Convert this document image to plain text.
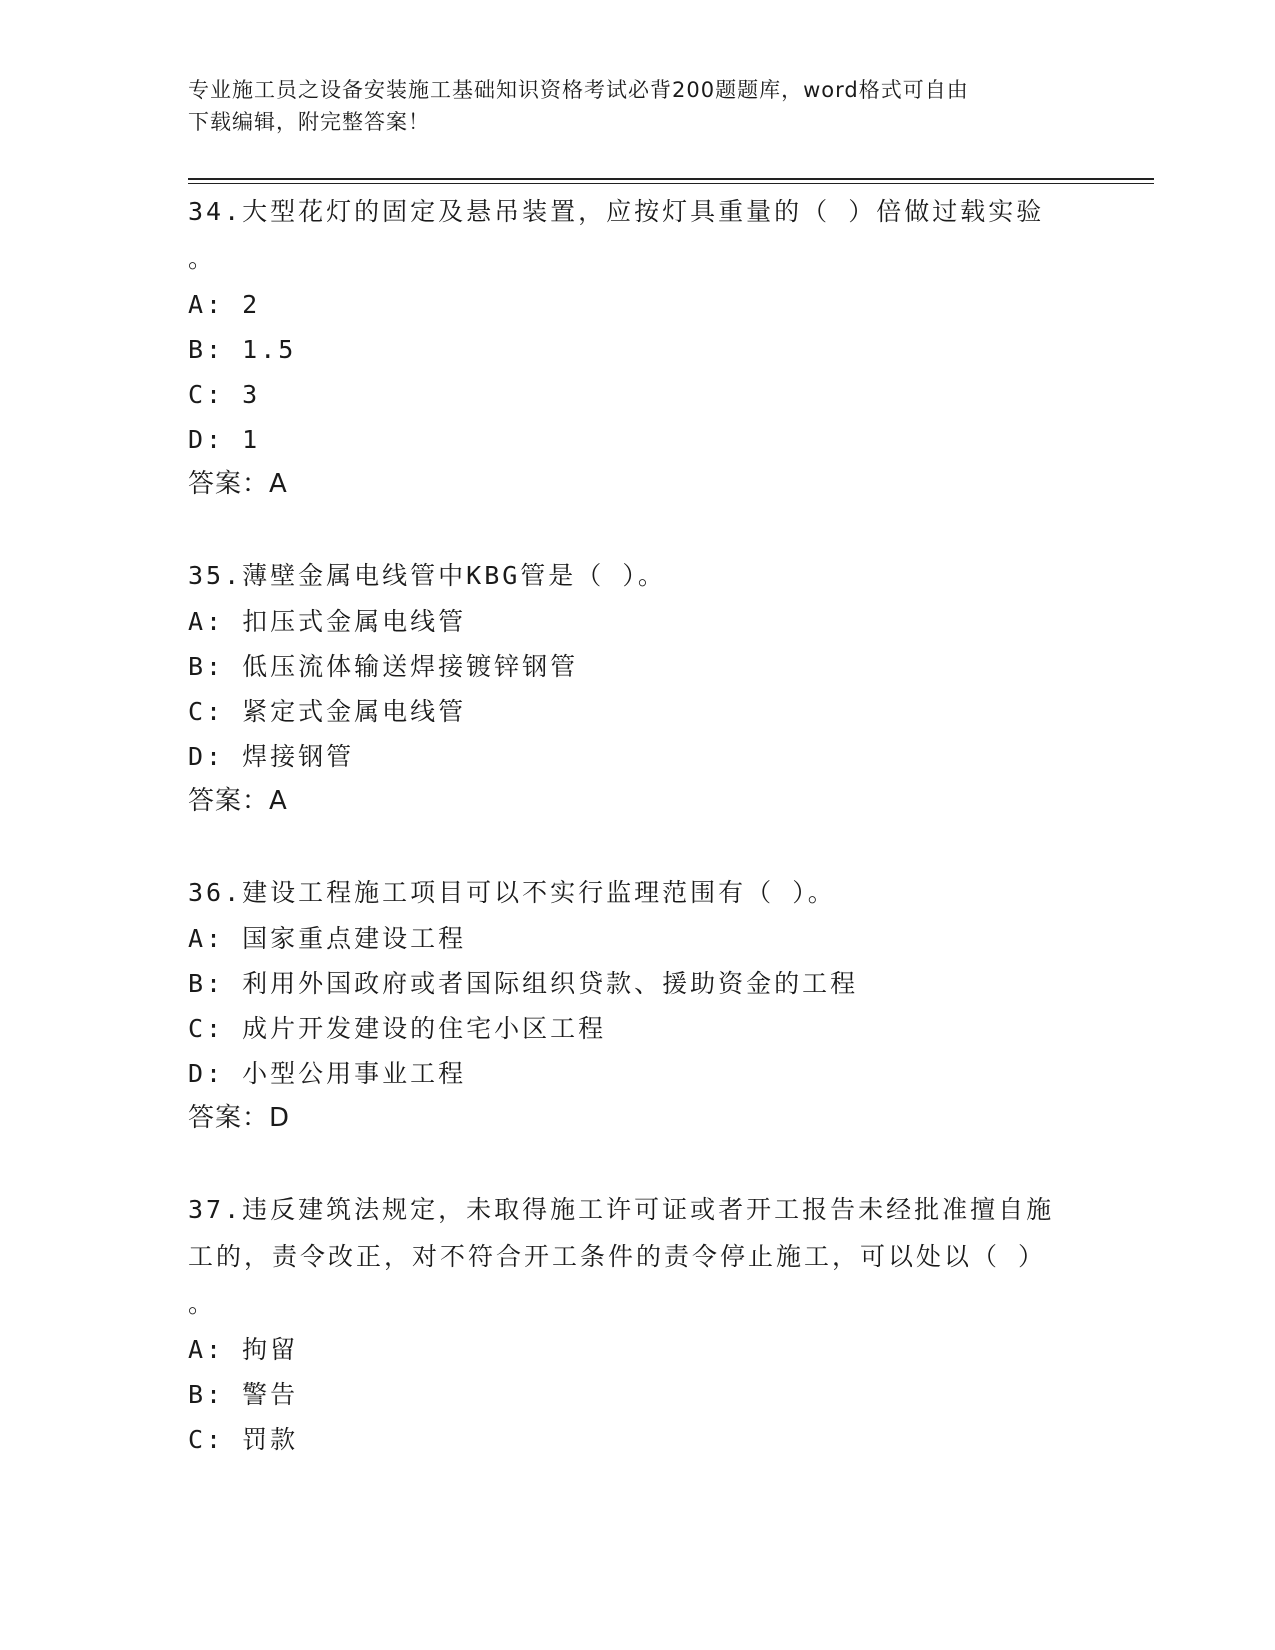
专业施工员之设备安装施工基础知识资格考试必背200题题库，word格式可自由
下载编辑，附完整答案！

34.大型花灯的固定及悬吊装置，应按灯具重量的（ ）倍做过载实验

。

A: 2

B: 1.5

C: 3

D: 1

答案：A

35.薄壁金属电线管中KBG管是（ ）。

A: 扣压式金属电线管

B: 低压流体输送焊接镀锌钢管

C: 紧定式金属电线管

D: 焊接钢管

答案：A

36.建设工程施工项目可以不实行监理范围有（ ）。

A: 国家重点建设工程

B: 利用外国政府或者国际组织贷款、援助资金的工程

C: 成片开发建设的住宅小区工程

D: 小型公用事业工程

答案：D

37.违反建筑法规定，未取得施工许可证或者开工报告未经批准擅自施

工的，责令改正，对不符合开工条件的责令停止施工，可以处以（ ）

。

A: 拘留

B: 警告

C: 罚款
